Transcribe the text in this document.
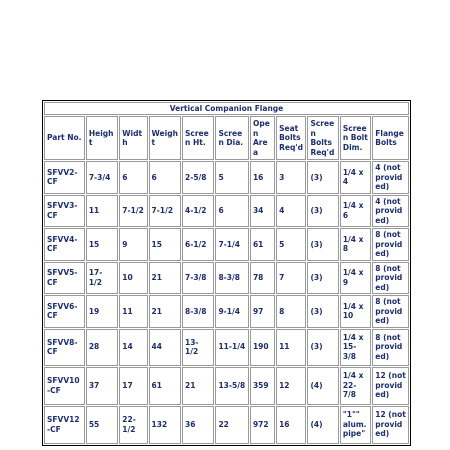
Vertical Companion Flange										
Part No.	Height	Width	Weight	Screen Ht.	Screen Dia.	Open Area	Seat Bolts Req'd	Screen Bolts Req'd	Screen Bolt Dim.	Flange Bolts
SFVV2-CF	7-3/4	6	6	2-5/8	5	16	3	(3)	1/4 x 4	4 (not provided)
SFVV3-CF	11	7-1/2	7-1/2	4-1/2	6	34	4	(3)	1/4 x 6	4 (not provided)
SFVV4-CF	15	9	15	6-1/2	7-1/4	61	5	(3)	1/4 x 8	8 (not provided)
SFVV5-CF	17-1/2	10	21	7-3/8	8-3/8	78	7	(3)	1/4 x 9	8 (not provided)
SFVV6-CF	19	11	21	8-3/8	9-1/4	97	8	(3)	1/4 x 10	8 (not provided)
SFVV8-CF	28	14	44	13-1/2	11-1/4	190	11	(3)	1/4 x 15-3/8	8 (not provided)
SFVV10-CF	37	17	61	21	13-5/8	359	12	(4)	1/4 x 22-7/8	12 (not provided)
SFVV12-CF	55	22-1/2	132	36	22	972	16	(4)	"1"" alum. pipe"	12 (not provided)
